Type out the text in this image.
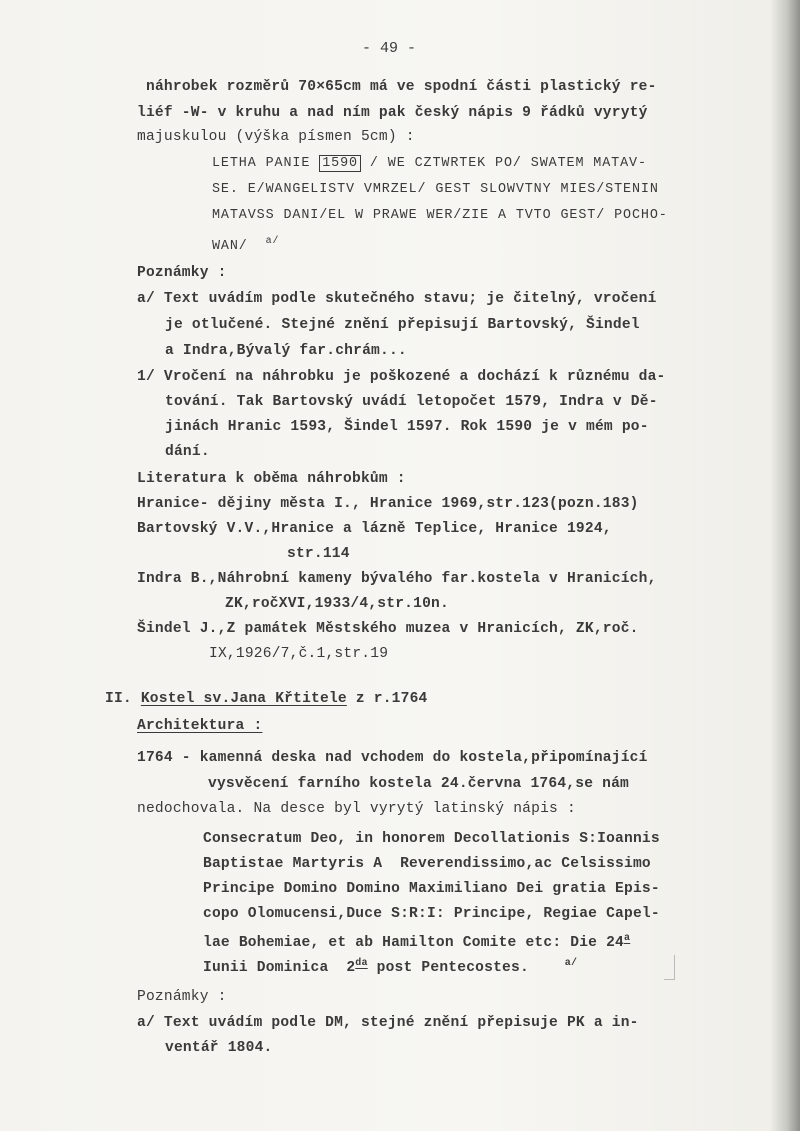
- 49 -
náhrobek rozměrů 70×65cm má ve spodní části plastický re-
liéf -W- v kruhu a nad ním pak český nápis 9 řádků vyrytý
majuskulou (výška písmen 5cm) :
LETHA PANIE 1590 / WE CZTWRTEK PO/ SWATEM MATAV-
SE. E/WANGELISTV VMRZEL/ GEST SLOWVTNY MIES/STENIN
MATAVSS DANI/EL W PRAWE WER/ZIE A TVTO GEST/ POCHO-
WAN/ $^{a/}$
Poznámky :
a/ Text uvádím podle skutečného stavu; je čitelný, vročení
je otlučené. Stejné znění přepisují Bartovský, Šindel
a Indra,Bývalý far.chrám...
1/ Vročení na náhrobku je poškozené a dochází k různému da-
tování. Tak Bartovský uvádí letopočet 1579, Indra v Dě-
jinách Hranic 1593, Šindel 1597. Rok 1590 je v mém po-
dání.
Literatura k oběma náhrobkům :
Hranice- dějiny města I., Hranice 1969,str.123(pozn.183)
Bartovský V.V.,Hranice a lázně Teplice, Hranice 1924,
str.114
Indra B.,Náhrobní kameny bývalého far.kostela v Hranicích,
ZK,ročXVI,1933/4,str.10n.
Šindel J.,Z památek Městského muzea v Hranicích, ZK,roč.
IX,1926/7,č.1,str.19
II. Kostel sv.Jana Křtitele z r.1764
Architektura :
1764 - kamenná deska nad vchodem do kostela,připomínající
vysvěcení farního kostela 24.června 1764,se nám
nedochovala. Na desce byl vyrytý latinský nápis :
Consecratum Deo, in honorem Decollationis S:Ioannis
Baptistae Martyris A  Reverendissimo,ac Celsissimo
Principe Domino Domino Maximiliano Dei gratia Epis-
copo Olomucensi,Duce S:R:I: Principe, Regiae Capel-
lae Bohemiae, et ab Hamilton Comite etc: Die 24$^a$
Iunii Dominica  $2^{da}$ post Pentecostes.	$^{a/}$
Poznámky :
a/ Text uvádím podle DM, stejné znění přepisuje PK a in-
ventář 1804.
